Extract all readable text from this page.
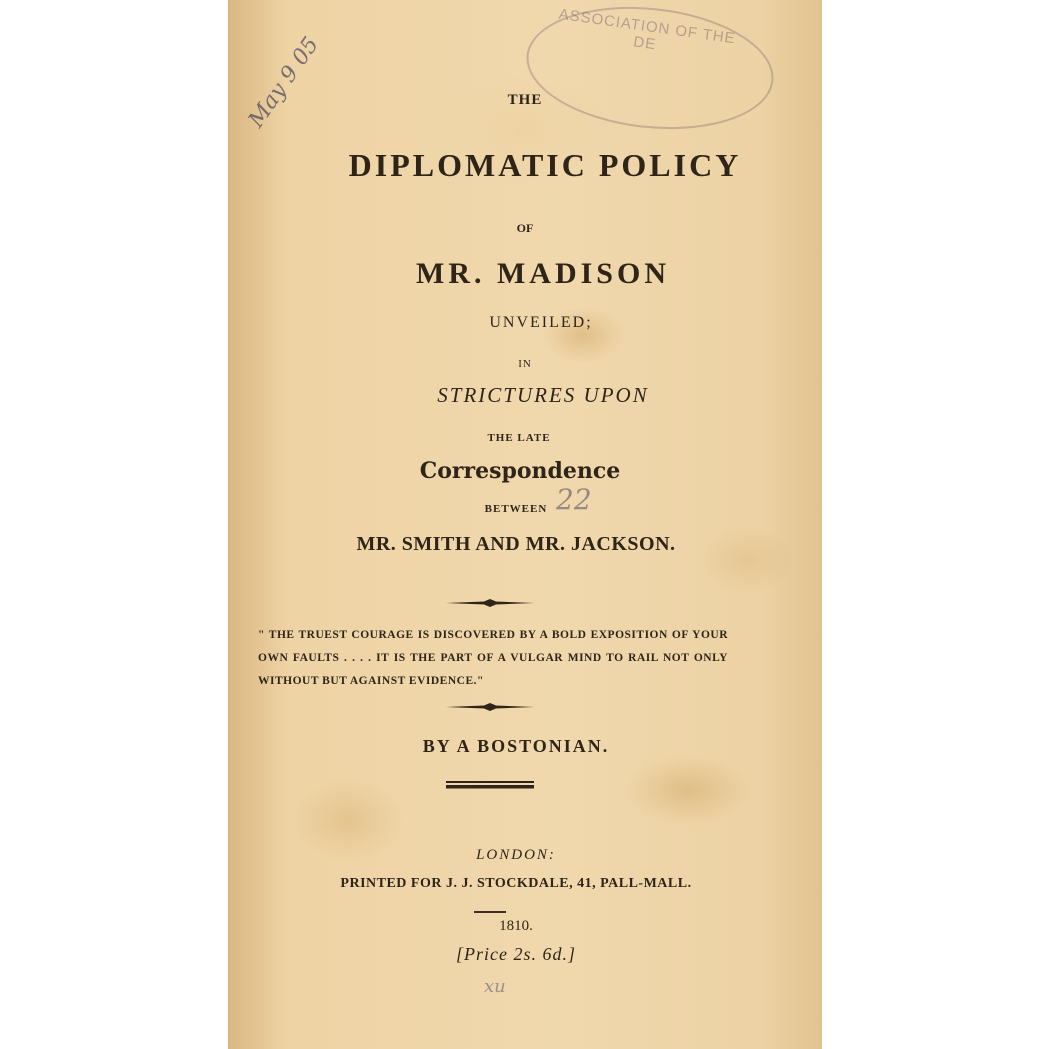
ASSOCIATION OF THE DE
May 9 05	THE
DIPLOMATIC POLICY
OF
MR. MADISON
UNVEILED;
IN
STRICTURES UPON
THE LATE
Correspondence
BETWEEN 22
MR. SMITH AND MR. JACKSON.
" THE TRUEST COURAGE IS DISCOVERED BY A BOLD EXPOSITION OF YOUR OWN FAULTS . . . . IT IS THE PART OF A VULGAR MIND TO RAIL NOT ONLY WITHOUT BUT AGAINST EVIDENCE."
BY A BOSTONIAN.
LONDON:
PRINTED FOR J. J. STOCKDALE, 41, PALL-MALL.
1810.
[Price 2s. 6d.]
xu
